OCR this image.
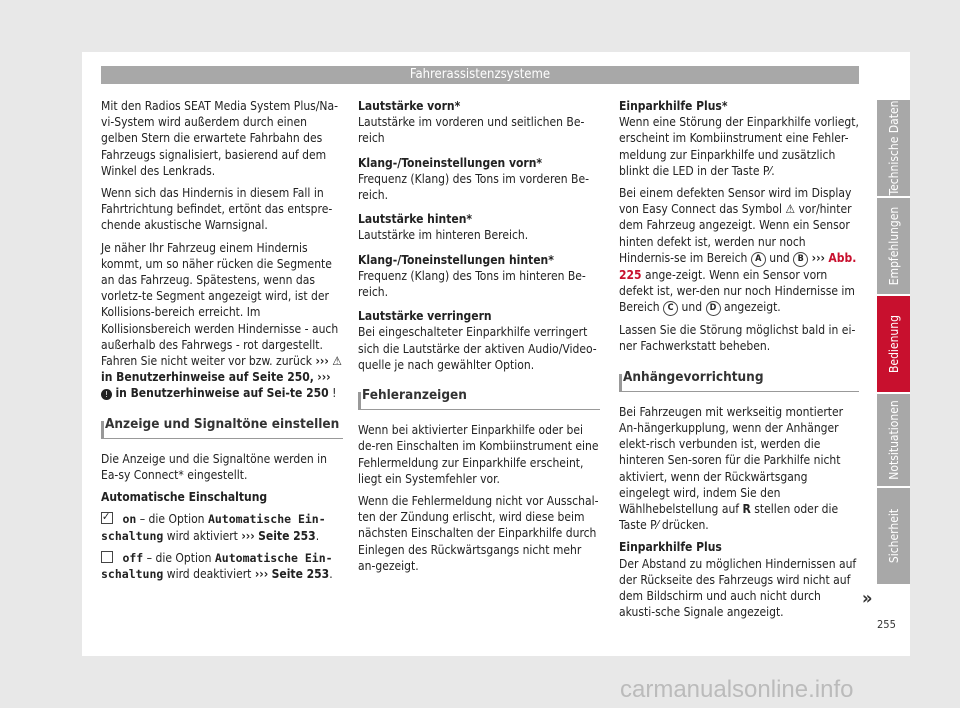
Fahrerassistenzsysteme

Mit den Radios SEAT Media System Plus/Na-vi-System wird außerdem durch einen gelben Stern die erwartete Fahrbahn des Fahrzeugs signalisiert, basierend auf dem Winkel des Lenkrads.

Wenn sich das Hindernis in diesem Fall in Fahrtrichtung befindet, ertönt das entspre-chende akustische Warnsignal.

Je näher Ihr Fahrzeug einem Hindernis kommt, um so näher rücken die Segmente an das Fahrzeug. Spätestens, wenn das vorletz-te Segment angezeigt wird, ist der Kollisions-bereich erreicht. Im Kollisionsbereich werden Hindernisse - auch außerhalb des Fahrwegs - rot dargestellt. Fahren Sie nicht weiter vor bzw. zurück ››› ⚠ in Benutzerhinweise auf Seite 250, ››› ! in Benutzerhinweise auf Sei-te 250 !

Anzeige und Signaltöne einstellen

Die Anzeige und die Signaltöne werden in Ea-sy Connect* eingestellt.

Automatische Einschaltung

✓ on – die Option Automatische Ein-schaltung wird aktiviert ››› Seite 253.

off – die Option Automatische Ein-schaltung wird deaktiviert ››› Seite 253.

Lautstärke vorn*

Lautstärke im vorderen und seitlichen Be-reich

Klang-/Toneinstellungen vorn*

Frequenz (Klang) des Tons im vorderen Be-reich.

Lautstärke hinten*

Lautstärke im hinteren Bereich.

Klang-/Toneinstellungen hinten*

Frequenz (Klang) des Tons im hinteren Be-reich.

Lautstärke verringern

Bei eingeschalteter Einparkhilfe verringert sich die Lautstärke der aktiven Audio/Video-quelle je nach gewählter Option.

Fehleranzeigen

Wenn bei aktivierter Einparkhilfe oder bei de-ren Einschalten im Kombiinstrument eine Fehlermeldung zur Einparkhilfe erscheint, liegt ein Systemfehler vor.

Wenn die Fehlermeldung nicht vor Ausschal-ten der Zündung erlischt, wird diese beim nächsten Einschalten der Einparkhilfe durch Einlegen des Rückwärtsgangs nicht mehr an-gezeigt.

Einparkhilfe Plus*

Wenn eine Störung der Einparkhilfe vorliegt, erscheint im Kombiinstrument eine Fehler-meldung zur Einparkhilfe und zusätzlich blinkt die LED in der Taste P⁄.

Bei einem defekten Sensor wird im Display von Easy Connect das Symbol ⚠ vor/hinter dem Fahrzeug angezeigt. Wenn ein Sensor hinten defekt ist, werden nur noch Hindernis-se im Bereich A und B ››› Abb. 225 ange-zeigt. Wenn ein Sensor vorn defekt ist, wer-den nur noch Hindernisse im Bereich C und D angezeigt.

Lassen Sie die Störung möglichst bald in ei-ner Fachwerkstatt beheben.

Anhängevorrichtung

Bei Fahrzeugen mit werkseitig montierter An-hängerkupplung, wenn der Anhänger elekt-risch verbunden ist, werden die hinteren Sen-soren für die Parkhilfe nicht aktiviert, wenn der Rückwärtsgang eingelegt wird, indem Sie den Wählhebelstellung auf R stellen oder die Taste P⁄ drücken.

Einparkhilfe Plus

Der Abstand zu möglichen Hindernissen auf der Rückseite des Fahrzeugs wird nicht auf dem Bildschirm und auch nicht durch akusti-sche Signale angezeigt.

Technische Daten
Empfehlungen
Bedienung
Notsituationen
Sicherheit
»
255
carmanualsonline.info
